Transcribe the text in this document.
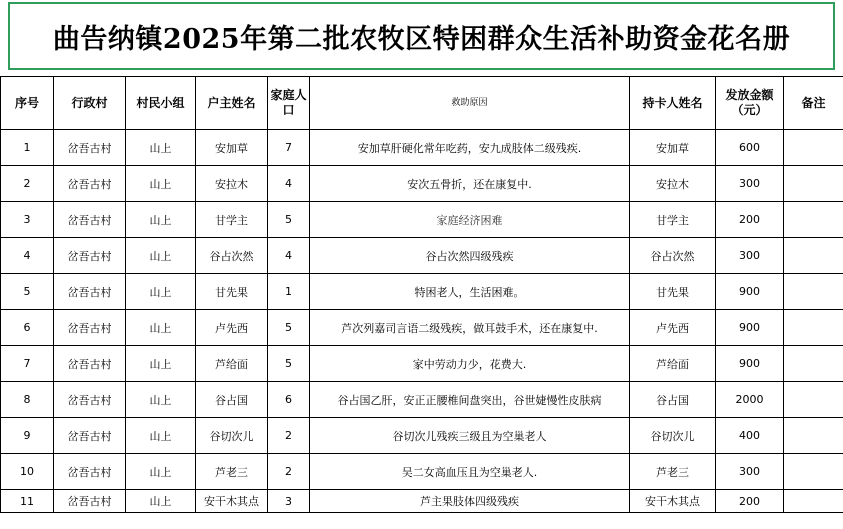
曲告纳镇2025年第二批农牧区特困群众生活补助资金花名册
序号	行政村	村民小组	户主姓名	家庭人口	救助原因	持卡人姓名	发放金额（元）	备注
1	岔吾古村	山上	安加草	7	安加草肝硬化常年吃药，安九成肢体二级残疾.	安加草	600	
2	岔吾古村	山上	安拉木	4	安次五骨折，还在康复中.	安拉木	300	
3	岔吾古村	山上	甘学主	5	家庭经济困难	甘学主	200	
4	岔吾古村	山上	谷占次然	4	谷占次然四级残疾	谷占次然	300	
5	岔吾古村	山上	甘先果	1	特困老人，生活困难。	甘先果	900	
6	岔吾古村	山上	卢先西	5	芦次列嘉司言语二级残疾，做耳鼓手术，还在康复中.	卢先西	900	
7	岔吾古村	山上	芦给面	5	家中劳动力少，花费大.	芦给面	900	
8	岔吾古村	山上	谷占国	6	谷占国乙肝，安正正腰椎间盘突出，谷世婕慢性皮肤病	谷占国	2000	
9	岔吾古村	山上	谷切次儿	2	谷切次儿残疾三级且为空巢老人	谷切次儿	400	
10	岔吾古村	山上	芦老三	2	吴二女高血压且为空巢老人.	芦老三	300	
11	岔吾古村	山上	安干木其点	3	芦主果肢体四级残疾	安干木其点	200	
